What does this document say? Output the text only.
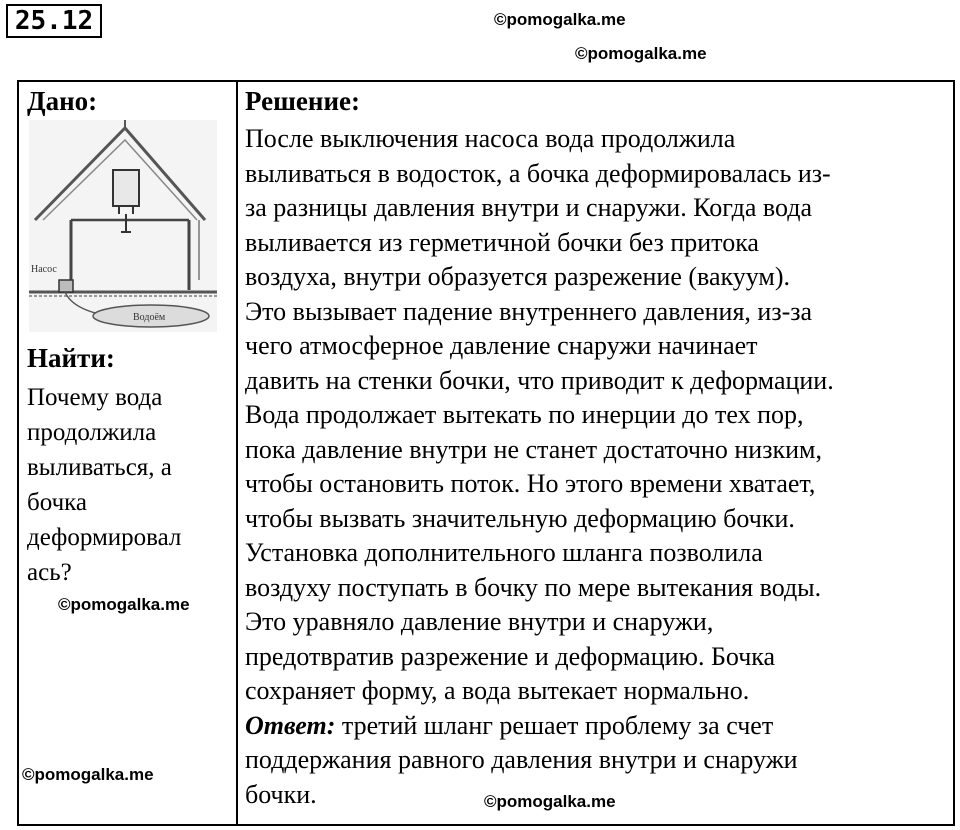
25.12	©pomogalka.me
©pomogalka.me
Дано:
Насос
Водоём
Найти:

Почему вода
продолжила
выливаться, а
бочка
деформировал
ась?

Решение:

После выключения насоса вода продолжила
выливаться в водосток, а бочка деформировалась из-
за разницы давления внутри и снаружи. Когда вода
выливается из герметичной бочки без притока
воздуха, внутри образуется разрежение (вакуум).
Это вызывает падение внутреннего давления, из-за
чего атмосферное давление снаружи начинает
давить на стенки бочки, что приводит к деформации.
Вода продолжает вытекать по инерции до тех пор,
пока давление внутри не станет достаточно низким,
чтобы остановить поток. Но этого времени хватает,
чтобы вызвать значительную деформацию бочки.
Установка дополнительного шланга позволила
воздуху поступать в бочку по мере вытекания воды.
Это уравняло давление внутри и снаружи,
предотвратив разрежение и деформацию. Бочка
сохраняет форму, а вода вытекает нормально.
Ответ: третий шланг решает проблему за счет
поддержания равного давления внутри и снаружи
бочки.

©pomogalka.me
©pomogalka.me
©pomogalka.me
